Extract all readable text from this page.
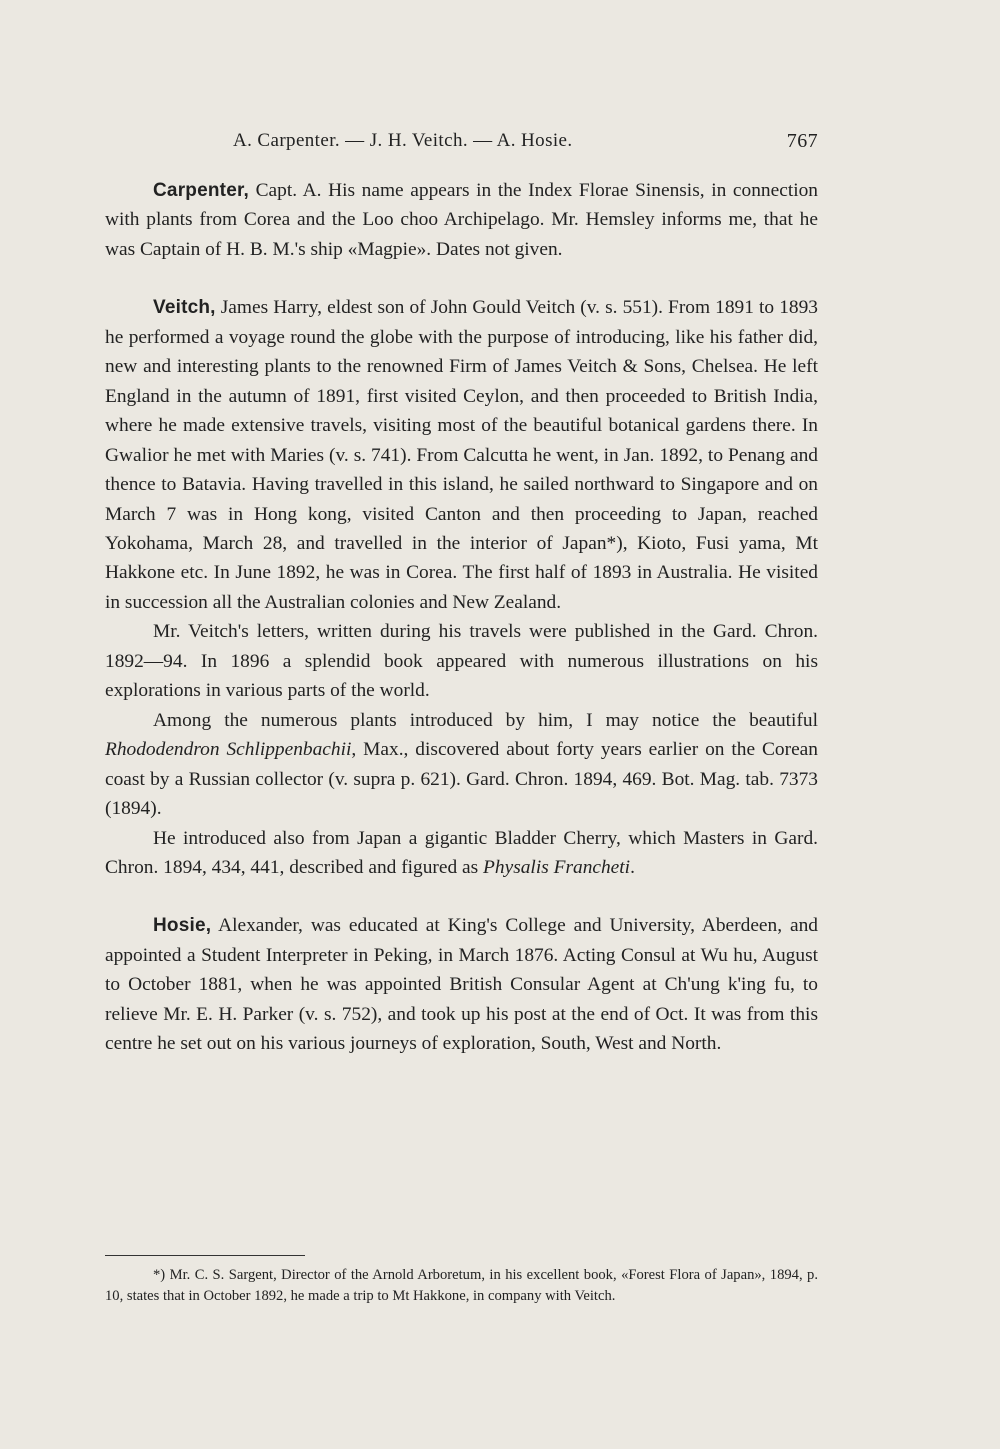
A. Carpenter. — J. H. Veitch. — A. Hosie.	767

Carpenter, Capt. A. His name appears in the Index Florae Sinensis, in connection with plants from Corea and the Loo choo Archipelago. Mr. Hemsley informs me, that he was Captain of H. B. M.'s ship «Magpie». Dates not given.

Veitch, James Harry, eldest son of John Gould Veitch (v. s. 551). From 1891 to 1893 he performed a voyage round the globe with the purpose of introducing, like his father did, new and interesting plants to the renowned Firm of James Veitch & Sons, Chelsea. He left England in the autumn of 1891, first visited Ceylon, and then proceeded to British India, where he made extensive travels, visiting most of the beautiful botanical gardens there. In Gwalior he met with Maries (v. s. 741). From Calcutta he went, in Jan. 1892, to Penang and thence to Batavia. Having travelled in this island, he sailed northward to Singapore and on March 7 was in Hong kong, visited Canton and then proceeding to Japan, reached Yokohama, March 28, and travelled in the interior of Japan*), Kioto, Fusi yama, Mt Hakkone etc. In June 1892, he was in Corea. The first half of 1893 in Australia. He visited in succession all the Australian colonies and New Zealand.

Mr. Veitch's letters, written during his travels were published in the Gard. Chron. 1892—94. In 1896 a splendid book appeared with numerous illustrations on his explorations in various parts of the world.

Among the numerous plants introduced by him, I may notice the beautiful Rhododendron Schlippenbachii, Max., discovered about forty years earlier on the Corean coast by a Russian collector (v. supra p. 621). Gard. Chron. 1894, 469. Bot. Mag. tab. 7373 (1894).

He introduced also from Japan a gigantic Bladder Cherry, which Masters in Gard. Chron. 1894, 434, 441, described and figured as Physalis Francheti.

Hosie, Alexander, was educated at King's College and University, Aberdeen, and appointed a Student Interpreter in Peking, in March 1876. Acting Consul at Wu hu, August to October 1881, when he was appointed British Consular Agent at Ch'ung k'ing fu, to relieve Mr. E. H. Parker (v. s. 752), and took up his post at the end of Oct. It was from this centre he set out on his various journeys of exploration, South, West and North.

*) Mr. C. S. Sargent, Director of the Arnold Arboretum, in his excellent book, «Forest Flora of Japan», 1894, p. 10, states that in October 1892, he made a trip to Mt Hakkone, in company with Veitch.
